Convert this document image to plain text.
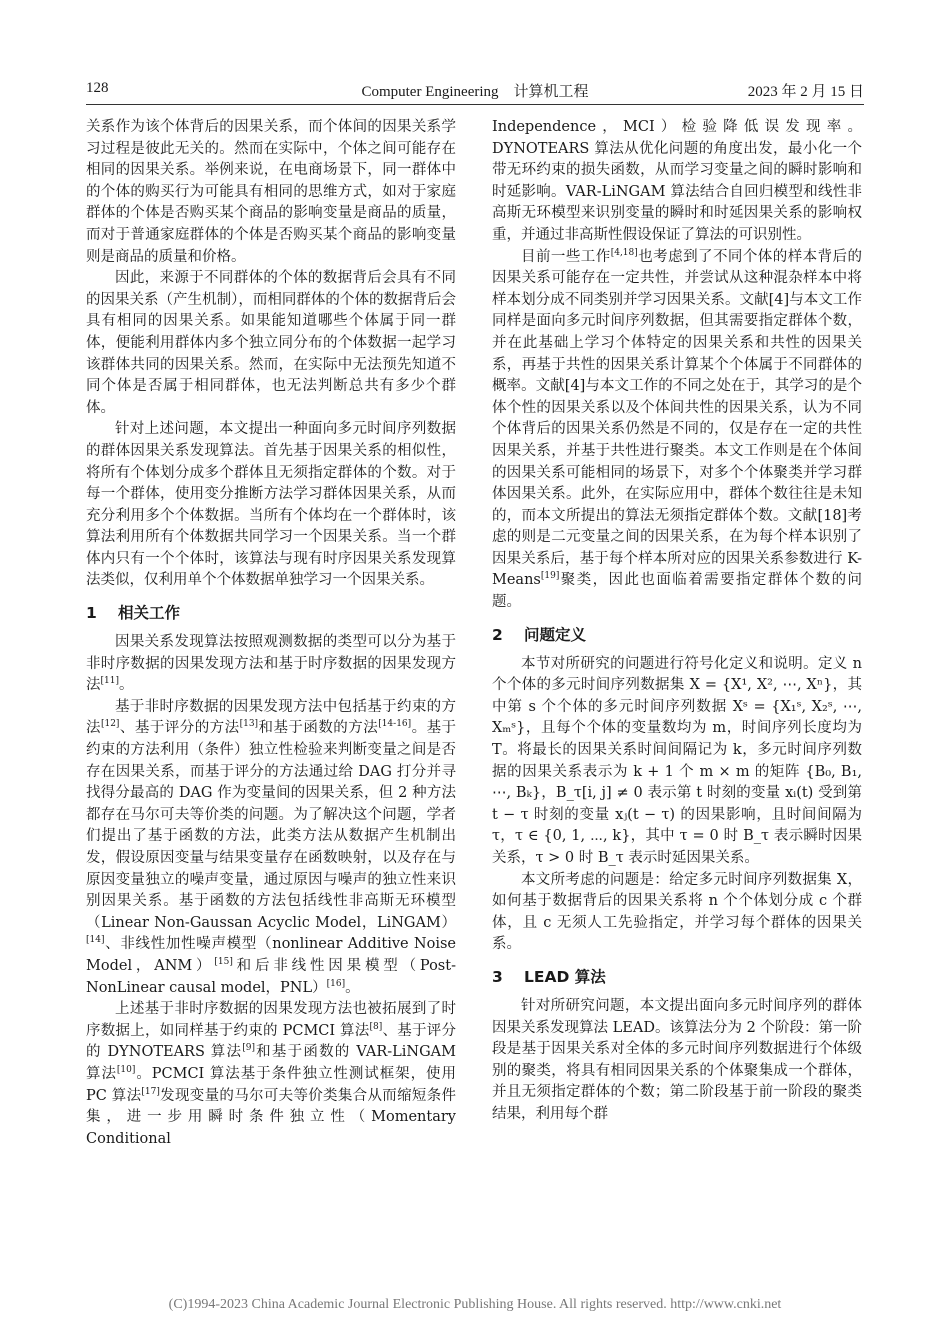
128	Computer Engineering　计算机工程	2023 年 2 月 15 日

关系作为该个体背后的因果关系，而个体间的因果关系学习过程是彼此无关的。然而在实际中，个体之间可能存在相同的因果关系。举例来说，在电商场景下，同一群体中的个体的购买行为可能具有相同的思维方式，如对于家庭群体的个体是否购买某个商品的影响变量是商品的质量，而对于普通家庭群体的个体是否购买某个商品的影响变量则是商品的质量和价格。

因此，来源于不同群体的个体的数据背后会具有不同的因果关系（产生机制），而相同群体的个体的数据背后会具有相同的因果关系。如果能知道哪些个体属于同一群体，便能利用群体内多个独立同分布的个体数据一起学习该群体共同的因果关系。然而，在实际中无法预先知道不同个体是否属于相同群体，也无法判断总共有多少个群体。

针对上述问题，本文提出一种面向多元时间序列数据的群体因果关系发现算法。首先基于因果关系的相似性，将所有个体划分成多个群体且无须指定群体的个数。对于每一个群体，使用变分推断方法学习群体因果关系，从而充分利用多个个体数据。当所有个体均在一个群体时，该算法利用所有个体数据共同学习一个因果关系。当一个群体内只有一个个体时，该算法与现有时序因果关系发现算法类似，仅利用单个个体数据单独学习一个因果关系。

1 相关工作

因果关系发现算法按照观测数据的类型可以分为基于非时序数据的因果发现方法和基于时序数据的因果发现方法[11]。

基于非时序数据的因果发现方法中包括基于约束的方法[12]、基于评分的方法[13]和基于函数的方法[14-16]。基于约束的方法利用（条件）独立性检验来判断变量之间是否存在因果关系，而基于评分的方法通过给 DAG 打分并寻找得分最高的 DAG 作为变量间的因果关系，但 2 种方法都存在马尔可夫等价类的问题。为了解决这个问题，学者们提出了基于函数的方法，此类方法从数据产生机制出发，假设原因变量与结果变量存在函数映射，以及存在与原因变量独立的噪声变量，通过原因与噪声的独立性来识别因果关系。基于函数的方法包括线性非高斯无环模型（Linear Non-Gaussan Acyclic Model，LiNGAM）[14]、非线性加性噪声模型（nonlinear Additive Noise Model，ANM）[15]和后非线性因果模型（Post-NonLinear causal model，PNL）[16]。

上述基于非时序数据的因果发现方法也被拓展到了时序数据上，如同样基于约束的 PCMCI 算法[8]、基于评分的 DYNOTEARS 算法[9]和基于函数的 VAR-LiNGAM 算法[10]。PCMCI 算法基于条件独立性测试框架，使用 PC 算法[17]发现变量的马尔可夫等价类集合从而缩短条件集，进一步用瞬时条件独立性（Momentary Conditional

Independence，MCI）检验降低误发现率。DYNOTEARS 算法从优化问题的角度出发，最小化一个带无环约束的损失函数，从而学习变量之间的瞬时影响和时延影响。VAR-LiNGAM 算法结合自回归模型和线性非高斯无环模型来识别变量的瞬时和时延因果关系的影响权重，并通过非高斯性假设保证了算法的可识别性。

目前一些工作[4,18]也考虑到了不同个体的样本背后的因果关系可能存在一定共性，并尝试从这种混杂样本中将样本划分成不同类别并学习因果关系。文献[4]与本文工作同样是面向多元时间序列数据，但其需要指定群体个数，并在此基础上学习个体特定的因果关系和共性的因果关系，再基于共性的因果关系计算某个个体属于不同群体的概率。文献[4]与本文工作的不同之处在于，其学习的是个体个性的因果关系以及个体间共性的因果关系，认为不同个体背后的因果关系仍然是不同的，仅是存在一定的共性因果关系，并基于共性进行聚类。本文工作则是在个体间的因果关系可能相同的场景下，对多个个体聚类并学习群体因果关系。此外，在实际应用中，群体个数往往是未知的，而本文所提出的算法无须指定群体个数。文献[18]考虑的则是二元变量之间的因果关系，在为每个样本识别了因果关系后，基于每个样本所对应的因果关系参数进行 K-Means[19]聚类，因此也面临着需要指定群体个数的问题。

2 问题定义

本节对所研究的问题进行符号化定义和说明。定义 n 个个体的多元时间序列数据集 X = {X¹, X², ⋯, Xⁿ}，其中第 s 个个体的多元时间序列数据 Xˢ = {X₁ˢ, X₂ˢ, ⋯, Xₘˢ}，且每个个体的变量数均为 m，时间序列长度均为 T。将最长的因果关系时间间隔记为 k，多元时间序列数据的因果关系表示为 k + 1 个 m × m 的矩阵 {B₀, B₁, ⋯, Bₖ}，B_τ[i, j] ≠ 0 表示第 t 时刻的变量 xᵢ(t) 受到第 t − τ 时刻的变量 xⱼ(t − τ) 的因果影响，且时间间隔为 τ，τ ∈ {0, 1, ⋯, k}，其中 τ = 0 时 B_τ 表示瞬时因果关系，τ > 0 时 B_τ 表示时延因果关系。

本文所考虑的问题是：给定多元时间序列数据集 X，如何基于数据背后的因果关系将 n 个个体划分成 c 个群体，且 c 无须人工先验指定，并学习每个群体的因果关系。

3 LEAD 算法

针对所研究问题，本文提出面向多元时间序列的群体因果关系发现算法 LEAD。该算法分为 2 个阶段：第一阶段是基于因果关系对全体的多元时间序列数据进行个体级别的聚类，将具有相同因果关系的个体聚集成一个群体，并且无须指定群体的个数；第二阶段基于前一阶段的聚类结果，利用每个群

(C)1994-2023 China Academic Journal Electronic Publishing House. All rights reserved. http://www.cnki.net
